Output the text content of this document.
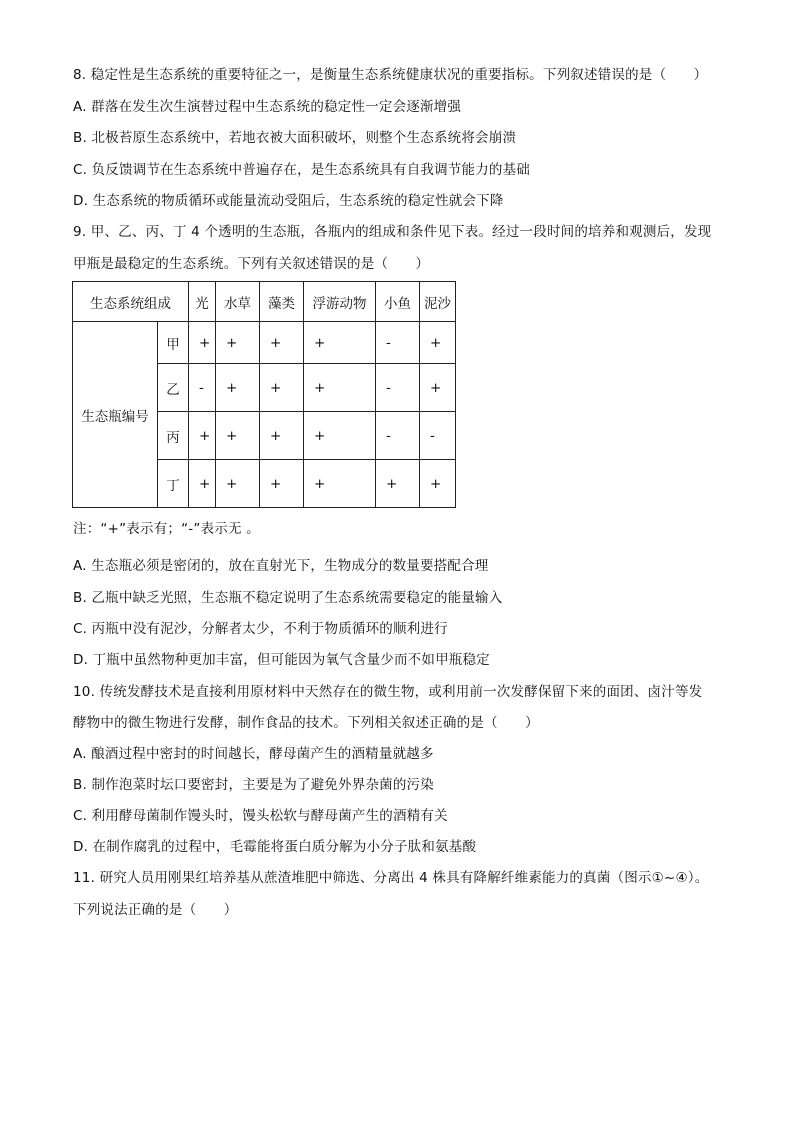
8. 稳定性是生态系统的重要特征之一，是衡量生态系统健康状况的重要指标。下列叙述错误的是（　　）
A. 群落在发生次生演替过程中生态系统的稳定性一定会逐渐增强
B. 北极苔原生态系统中，若地衣被大面积破坏，则整个生态系统将会崩溃
C. 负反馈调节在生态系统中普遍存在，是生态系统具有自我调节能力的基础
D. 生态系统的物质循环或能量流动受阻后，生态系统的稳定性就会下降
9. 甲、乙、丙、丁 4 个透明的生态瓶，各瓶内的组成和条件见下表。经过一段时间的培养和观测后，发现
甲瓶是最稳定的生态系统。下列有关叙述错误的是（　　）
生态系统组成		光	水草	藻类	浮游动物	小鱼	泥沙
生态瓶编号	甲	+	+	+	+	-	+
	乙	-	+	+	+	-	+
	丙	+	+	+	+	-	-
	丁	+	+	+	+	+	+
注：“+”表示有；“-”表示无 。
A. 生态瓶必须是密闭的，放在直射光下，生物成分的数量要搭配合理
B. 乙瓶中缺乏光照，生态瓶不稳定说明了生态系统需要稳定的能量输入
C. 丙瓶中没有泥沙，分解者太少，不利于物质循环的顺利进行
D. 丁瓶中虽然物种更加丰富，但可能因为氧气含量少而不如甲瓶稳定
10. 传统发酵技术是直接利用原材料中天然存在的微生物，或利用前一次发酵保留下来的面团、卤汁等发
酵物中的微生物进行发酵，制作食品的技术。下列相关叙述正确的是（　　）
A. 酿酒过程中密封的时间越长，酵母菌产生的酒精量就越多
B. 制作泡菜时坛口要密封，主要是为了避免外界杂菌的污染
C. 利用酵母菌制作馒头时，馒头松软与酵母菌产生的酒精有关
D. 在制作腐乳的过程中，毛霉能将蛋白质分解为小分子肽和氨基酸
11. 研究人员用刚果红培养基从蔗渣堆肥中筛选、分离出 4 株具有降解纤维素能力的真菌（图示①~④）。
下列说法正确的是（　　）
